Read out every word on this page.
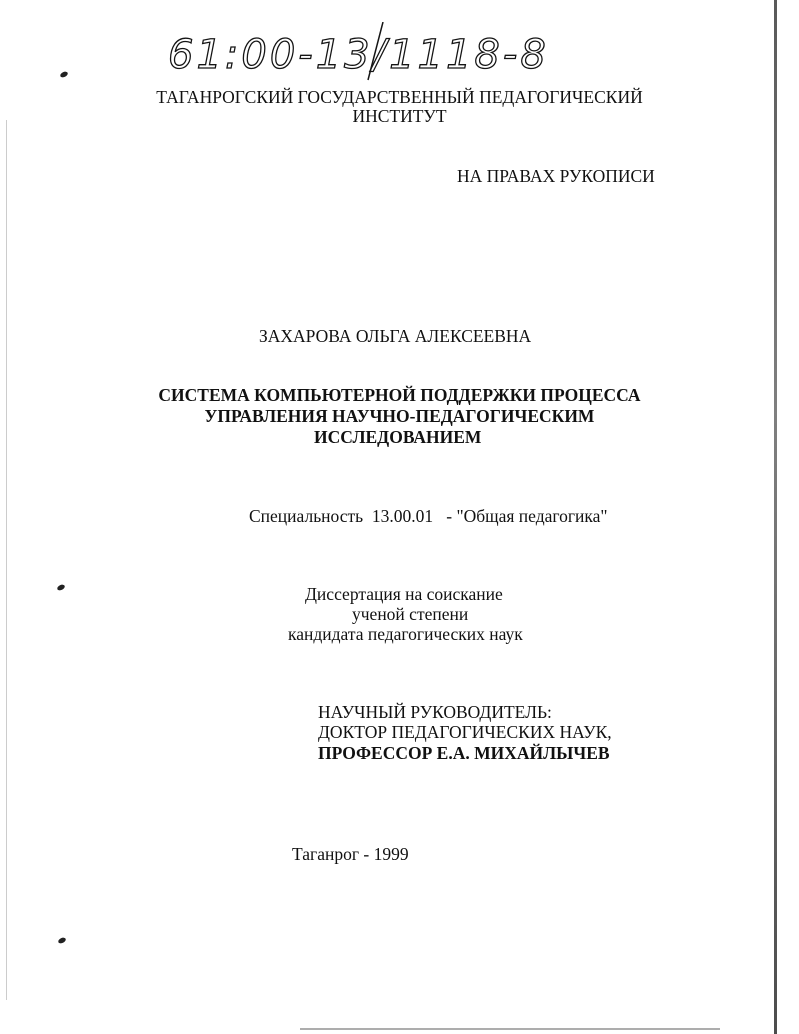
61:00-13/1118-8
ТАГАНРОГСКИЙ ГОСУДАРСТВЕННЫЙ ПЕДАГОГИЧЕСКИЙ
ИНСТИТУТ
НА ПРАВАХ РУКОПИСИ
ЗАХАРОВА ОЛЬГА АЛЕКСЕЕВНА
СИСТЕМА КОМПЬЮТЕРНОЙ ПОДДЕРЖКИ ПРОЦЕССА
УПРАВЛЕНИЯ НАУЧНО-ПЕДАГОГИЧЕСКИМ
ИССЛЕДОВАНИЕМ
Специальность 13.00.01 - "Общая педагогика"
Диссертация на соискание
ученой степени
кандидата педагогических наук
НАУЧНЫЙ РУКОВОДИТЕЛЬ:
ДОКТОР ПЕДАГОГИЧЕСКИХ НАУК,
ПРОФЕССОР Е.А. МИХАЙЛЫЧЕВ
Таганрог - 1999
